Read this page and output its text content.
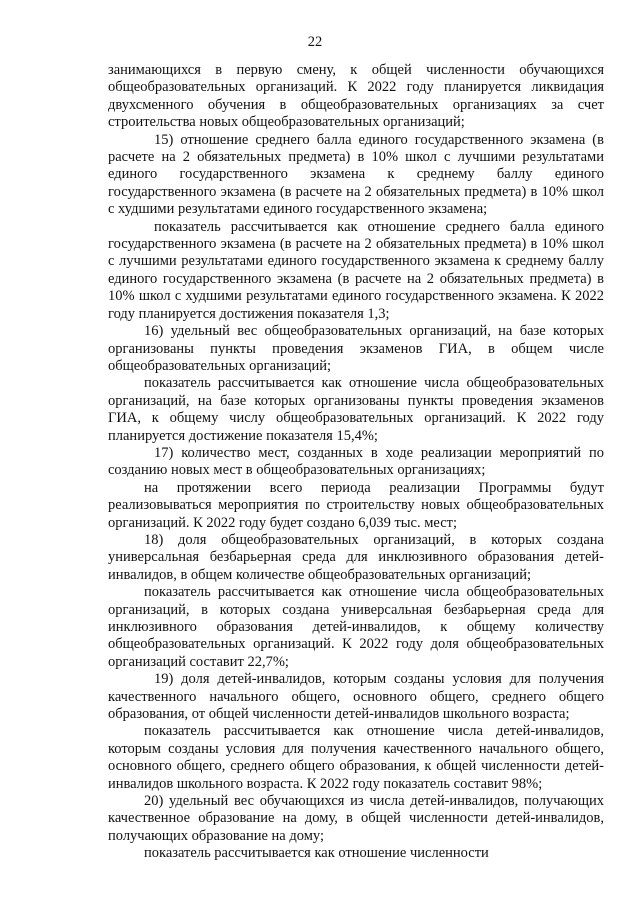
22

занимающихся в первую смену, к общей численности обучающихся общеобразовательных организаций. К 2022 году планируется ликвидация двухсменного обучения в общеобразовательных организациях за счет строительства новых общеобразовательных организаций;

15) отношение среднего балла единого государственного экзамена (в расчете на 2 обязательных предмета) в 10% школ с лучшими результатами единого государственного экзамена к среднему баллу единого государственного экзамена (в расчете на 2 обязательных предмета) в 10% школ с худшими результатами единого государственного экзамена;

показатель рассчитывается как отношение среднего балла единого государственного экзамена (в расчете на 2 обязательных предмета) в 10% школ с лучшими результатами единого государственного экзамена к среднему баллу единого государственного экзамена (в расчете на 2 обязательных предмета) в 10% школ с худшими результатами единого государственного экзамена. К 2022 году планируется достижения показателя 1,3;

16) удельный вес общеобразовательных организаций, на базе которых организованы пункты проведения экзаменов ГИА, в общем числе общеобразовательных организаций;

показатель рассчитывается как отношение числа общеобразовательных организаций, на базе которых организованы пункты проведения экзаменов ГИА, к общему числу общеобразовательных организаций. К 2022 году планируется достижение показателя 15,4%;

17) количество мест, созданных в ходе реализации мероприятий по созданию новых мест в общеобразовательных организациях;

на протяжении всего периода реализации Программы будут реализовываться мероприятия по строительству новых общеобразовательных организаций. К 2022 году будет создано 6,039 тыс. мест;

18) доля общеобразовательных организаций, в которых создана универсальная безбарьерная среда для инклюзивного образования детей-инвалидов, в общем количестве общеобразовательных организаций;

показатель рассчитывается как отношение числа общеобразовательных организаций, в которых создана универсальная безбарьерная среда для инклюзивного образования детей-инвалидов, к общему количеству общеобразовательных организаций. К 2022 году доля общеобразовательных организаций составит 22,7%;

19) доля детей-инвалидов, которым созданы условия для получения качественного начального общего, основного общего, среднего общего образования, от общей численности детей-инвалидов школьного возраста;

показатель рассчитывается как отношение числа детей-инвалидов, которым созданы условия для получения качественного начального общего, основного общего, среднего общего образования, к общей численности детей-инвалидов школьного возраста. К 2022 году показатель составит 98%;

20) удельный вес обучающихся из числа детей-инвалидов, получающих качественное образование на дому, в общей численности детей-инвалидов, получающих образование на дому;

показатель рассчитывается как отношение численности
